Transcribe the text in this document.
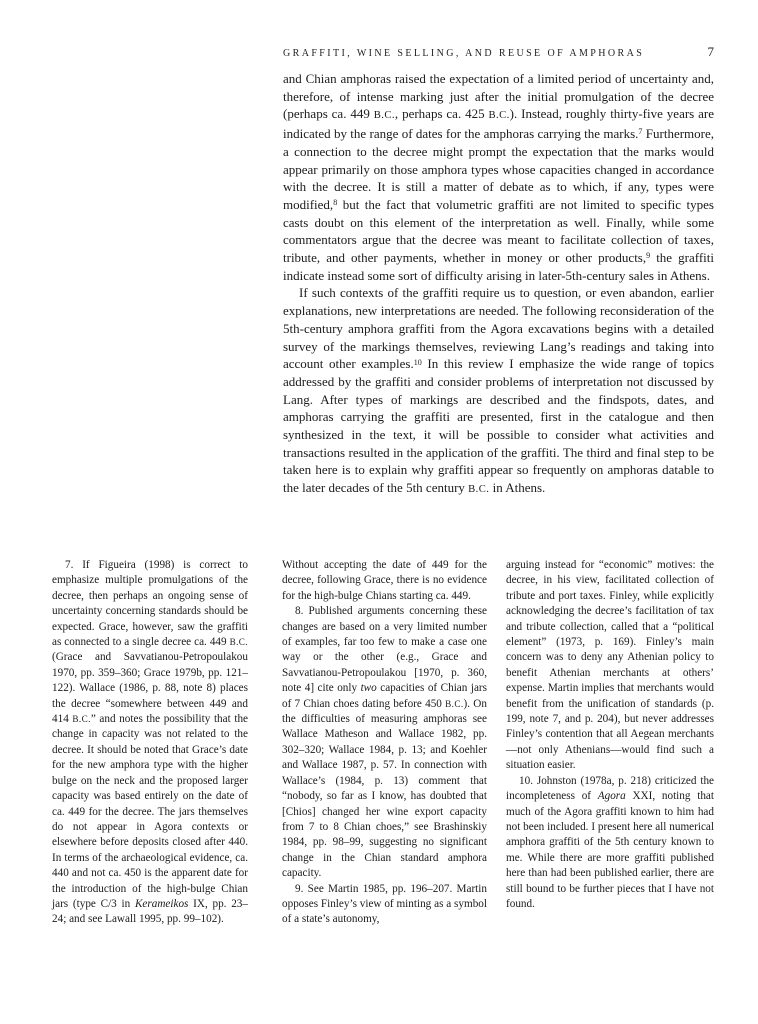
GRAFFITI, WINE SELLING, AND REUSE OF AMPHORAS	7

and Chian amphoras raised the expectation of a limited period of uncertainty and, therefore, of intense marking just after the initial promulgation of the decree (perhaps ca. 449 B.C., perhaps ca. 425 B.C.). Instead, roughly thirty-five years are indicated by the range of dates for the amphoras carrying the marks.$^7$ Furthermore, a connection to the decree might prompt the expectation that the marks would appear primarily on those amphora types whose capacities changed in accordance with the decree. It is still a matter of debate as to which, if any, types were modified,$^8$ but the fact that volumetric graffiti are not limited to specific types casts doubt on this element of the interpretation as well. Finally, while some commentators argue that the decree was meant to facilitate collection of taxes, tribute, and other payments, whether in money or other products,$^9$ the graffiti indicate instead some sort of difficulty arising in later-5th-century sales in Athens.

If such contexts of the graffiti require us to question, or even abandon, earlier explanations, new interpretations are needed. The following reconsideration of the 5th-century amphora graffiti from the Agora excavations begins with a detailed survey of the markings themselves, reviewing Lang’s readings and taking into account other examples.$^{10}$ In this review I emphasize the wide range of topics addressed by the graffiti and consider problems of interpretation not discussed by Lang. After types of markings are described and the findspots, dates, and amphoras carrying the graffiti are presented, first in the catalogue and then synthesized in the text, it will be possible to consider what activities and transactions resulted in the application of the graffiti. The third and final step to be taken here is to explain why graffiti appear so frequently on amphoras datable to the later decades of the 5th century B.C. in Athens.

7. If Figueira (1998) is correct to emphasize multiple promulgations of the decree, then perhaps an ongoing sense of uncertainty concerning standards should be expected. Grace, however, saw the graffiti as connected to a single decree ca. 449 B.C. (Grace and Savvatianou-Petropoulakou 1970, pp. 359–360; Grace 1979b, pp. 121–122). Wallace (1986, p. 88, note 8) places the decree “somewhere between 449 and 414 B.C.” and notes the possibility that the change in capacity was not related to the decree. It should be noted that Grace’s date for the new amphora type with the higher bulge on the neck and the proposed larger capacity was based entirely on the date of ca. 449 for the decree. The jars themselves do not appear in Agora contexts or elsewhere before deposits closed after 440. In terms of the archaeological evidence, ca. 440 and not ca. 450 is the apparent date for the introduction of the high-bulge Chian jars (type C/3 in Kerameikos IX, pp. 23–24; and see Lawall 1995, pp. 99–102).

Without accepting the date of 449 for the decree, following Grace, there is no evidence for the high-bulge Chians starting ca. 449.

8. Published arguments concerning these changes are based on a very limited number of examples, far too few to make a case one way or the other (e.g., Grace and Savvatianou-Petropoulakou [1970, p. 360, note 4] cite only two capacities of Chian jars of 7 Chian choes dating before 450 B.C.). On the difficulties of measuring amphoras see Wallace Matheson and Wallace 1982, pp. 302–320; Wallace 1984, p. 13; and Koehler and Wallace 1987, p. 57. In connection with Wallace’s (1984, p. 13) comment that “nobody, so far as I know, has doubted that [Chios] changed her wine export capacity from 7 to 8 Chian choes,” see Brashinskiy 1984, pp. 98–99, suggesting no significant change in the Chian standard amphora capacity.

9. See Martin 1985, pp. 196–207. Martin opposes Finley’s view of minting as a symbol of a state’s autonomy,

arguing instead for “economic” motives: the decree, in his view, facilitated collection of tribute and port taxes. Finley, while explicitly acknowledging the decree’s facilitation of tax and tribute collection, called that a “political element” (1973, p. 169). Finley’s main concern was to deny any Athenian policy to benefit Athenian merchants at others’ expense. Martin implies that merchants would benefit from the unification of standards (p. 199, note 7, and p. 204), but never addresses Finley’s contention that all Aegean merchants—not only Athenians—would find such a situation easier.

10. Johnston (1978a, p. 218) criticized the incompleteness of Agora XXI, noting that much of the Agora graffiti known to him had not been included. I present here all numerical amphora graffiti of the 5th century known to me. While there are more graffiti published here than had been published earlier, there are still bound to be further pieces that I have not found.
